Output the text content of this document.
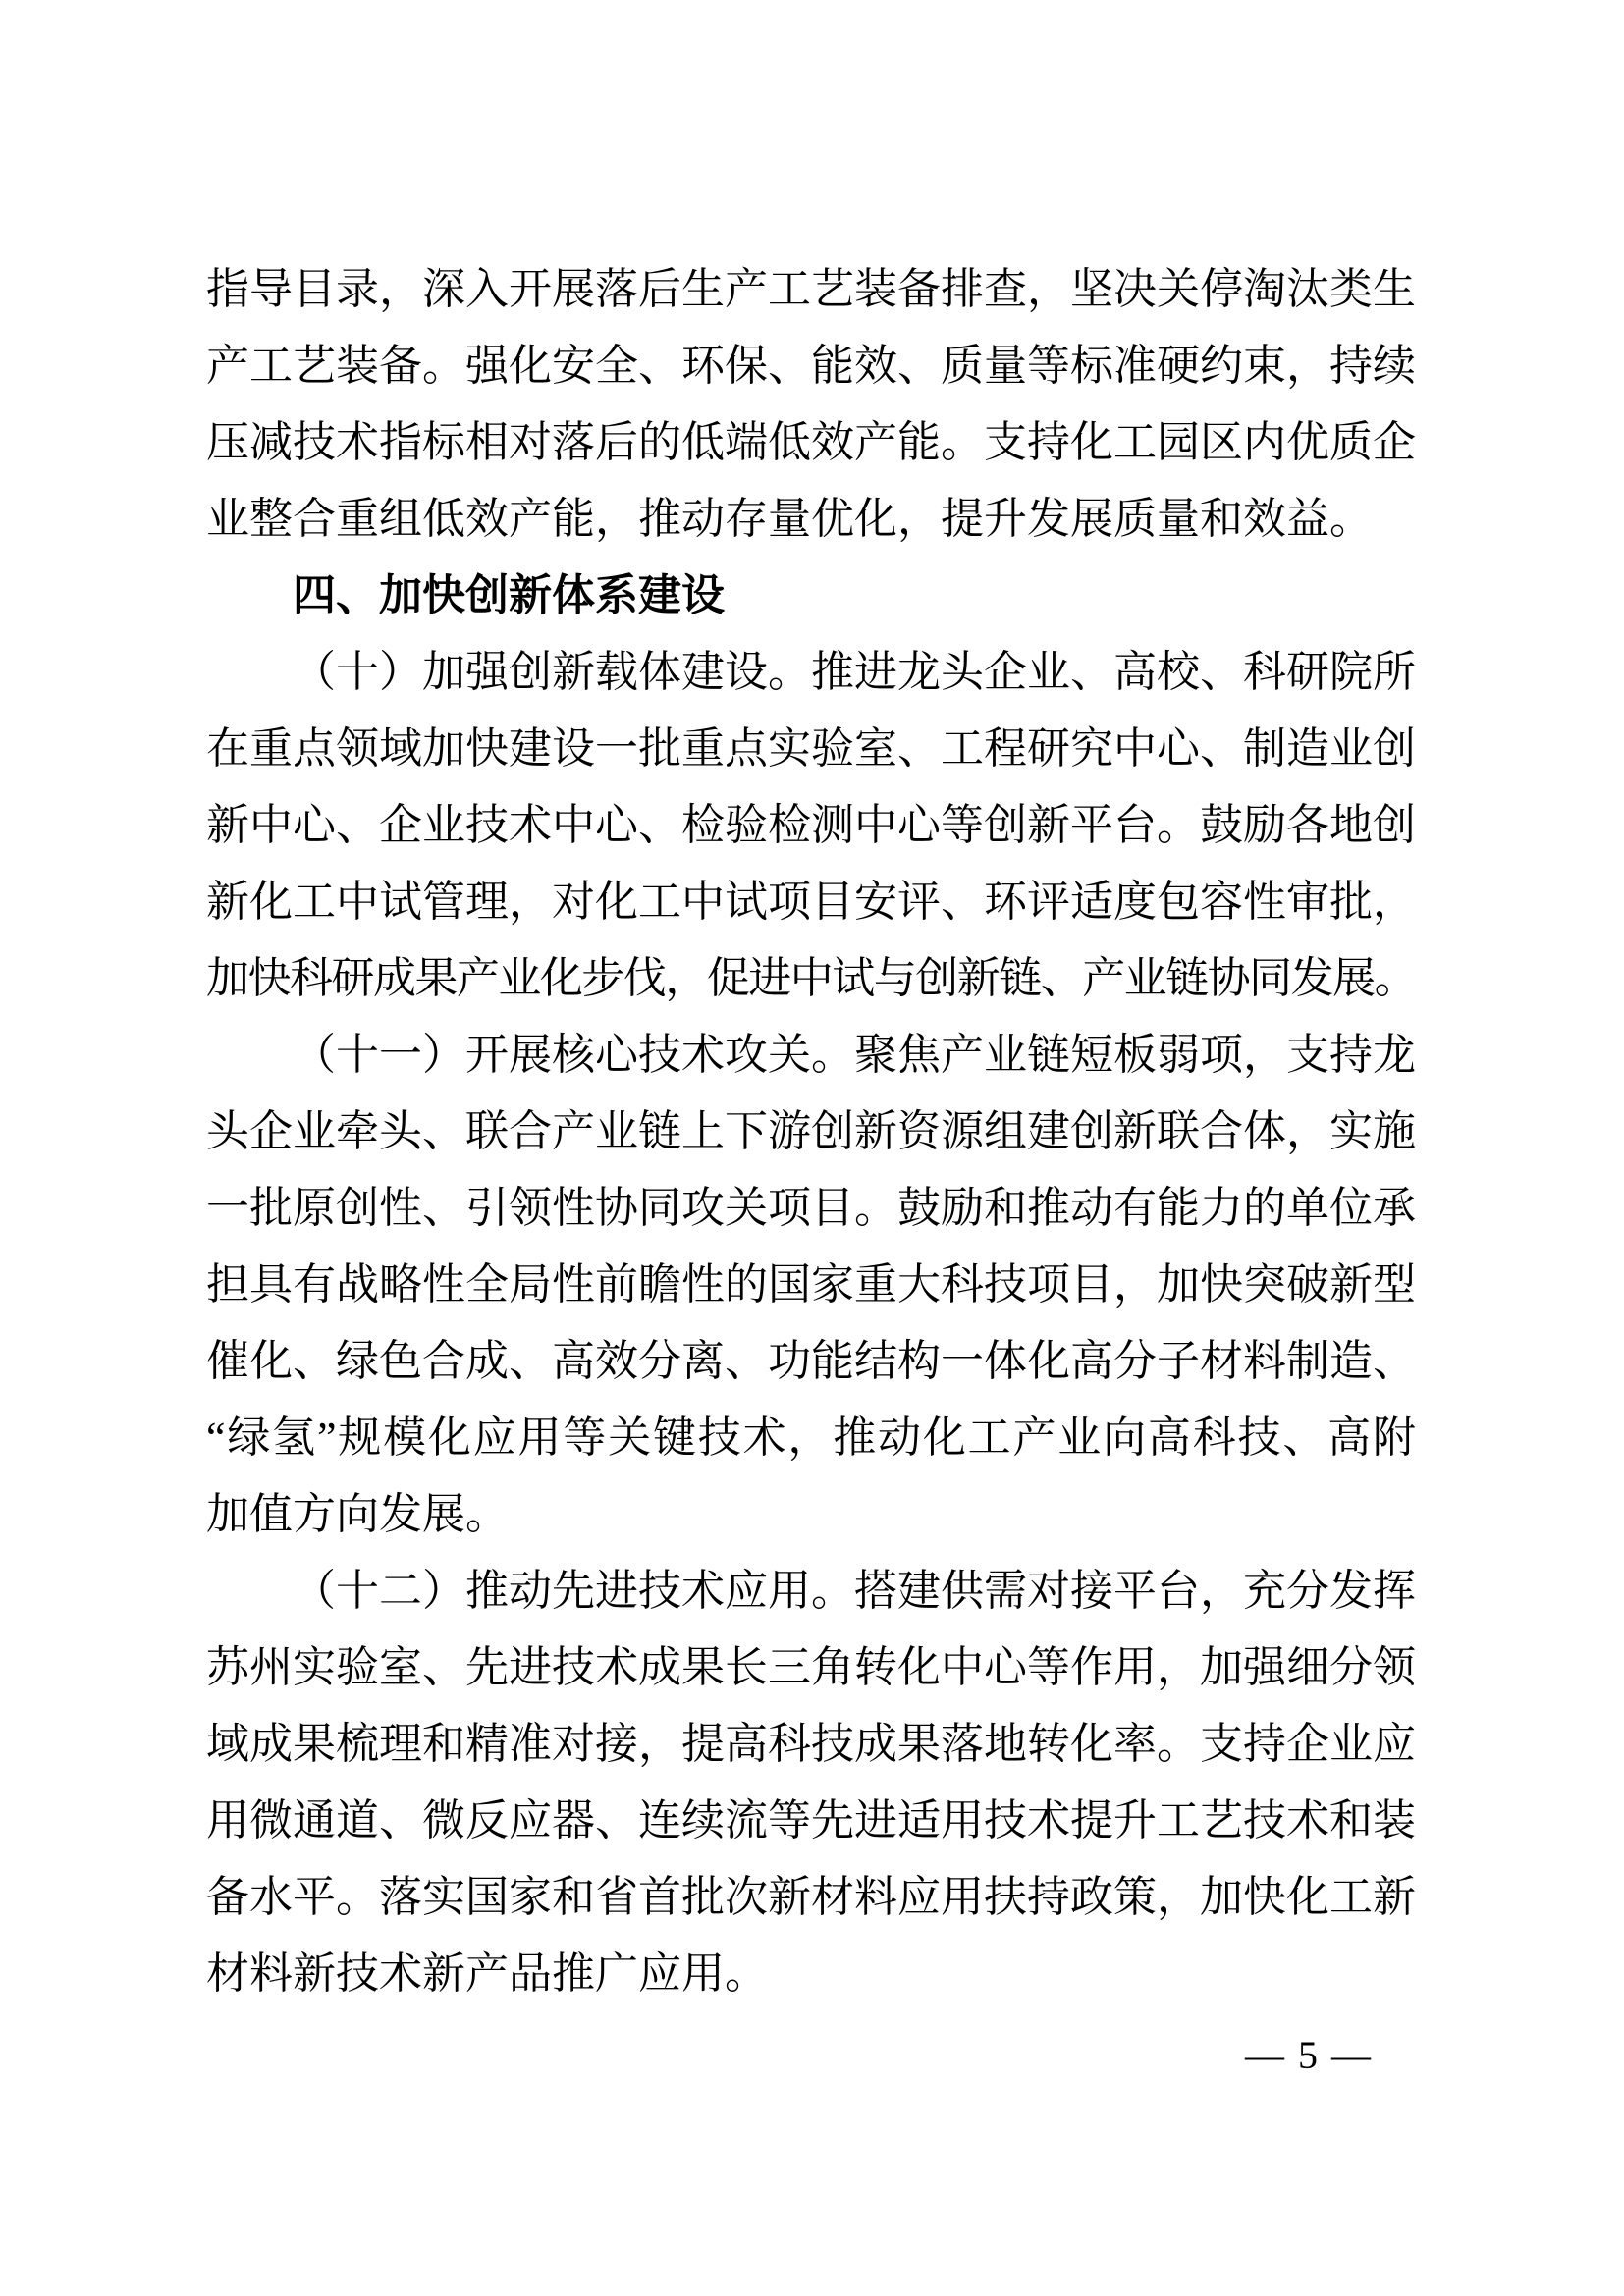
指导目录，深入开展落后生产工艺装备排查，坚决关停淘汰类生
产工艺装备。强化安全、环保、能效、质量等标准硬约束，持续
压减技术指标相对落后的低端低效产能。支持化工园区内优质企
业整合重组低效产能，推动存量优化，提升发展质量和效益。
四、加快创新体系建设
（十）加强创新载体建设。推进龙头企业、高校、科研院所
在重点领域加快建设一批重点实验室、工程研究中心、制造业创
新中心、企业技术中心、检验检测中心等创新平台。鼓励各地创
新化工中试管理，对化工中试项目安评、环评适度包容性审批，
加快科研成果产业化步伐，促进中试与创新链、产业链协同发展。
（十一）开展核心技术攻关。聚焦产业链短板弱项，支持龙
头企业牵头、联合产业链上下游创新资源组建创新联合体，实施
一批原创性、引领性协同攻关项目。鼓励和推动有能力的单位承
担具有战略性全局性前瞻性的国家重大科技项目，加快突破新型
催化、绿色合成、高效分离、功能结构一体化高分子材料制造、
“绿氢”规模化应用等关键技术，推动化工产业向高科技、高附
加值方向发展。
（十二）推动先进技术应用。搭建供需对接平台，充分发挥
苏州实验室、先进技术成果长三角转化中心等作用，加强细分领
域成果梳理和精准对接，提高科技成果落地转化率。支持企业应
用微通道、微反应器、连续流等先进适用技术提升工艺技术和装
备水平。落实国家和省首批次新材料应用扶持政策，加快化工新
材料新技术新产品推广应用。
— 5 —
